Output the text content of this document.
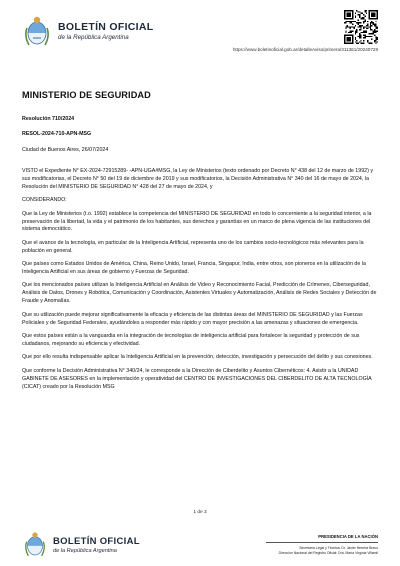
BOLETÍN OFICIAL
de la República Argentina
https://www.boletinoficial.gob.ar/detalleAviso/primera/311361/20240729
MINISTERIO DE SEGURIDAD
Resolución 710/2024
RESOL-2024-710-APN-MSG
Ciudad de Buenos Aires, 26/07/2024

VISTO el Expediente N° EX-2024-72915289- -APN-UGA#MSG, la Ley de Ministerios (texto ordenado por Decreto N° 438 del 12 de marzo de 1992) y sus modificatorias, el Decreto N° 50 del 19 de diciembre de 2019 y sus modificatorios, la Decisión Administrativa N° 340 del 16 de mayo de 2024, la Resolución del MINISTERIO DE SEGURIDAD N° 428 del 27 de mayo de 2024, y

CONSIDERANDO:

Que la Ley de Ministerios (t.o. 1992) establece la competencia del MINISTERIO DE SEGURIDAD en todo lo concerniente a la seguridad interior, a la preservación de la libertad, la vida y el patrimonio de los habitantes, sus derechos y garantías en un marco de plena vigencia de las instituciones del sistema democrático.

Que el avance de la tecnología, en particular de la Inteligencia Artificial, representa uno de los cambios socio-tecnológicos más relevantes para la población en general.

Que países como Estados Unidos de América, China, Reino Unido, Israel, Francia, Singapur, India, entre otros, son pioneros en la utilización de la Inteligencia Artificial en sus áreas de gobierno y Fuerzas de Seguridad.

Que los mencionados países utilizan la Inteligencia Artificial en Análisis de Video y Reconocimiento Facial, Predicción de Crímenes, Ciberseguridad, Análisis de Datos, Drones y Robótica, Comunicación y Coordinación, Asistentes Virtuales y Automatización, Análisis de Redes Sociales y Detección de Fraude y Anomalías.

Que su utilización puede mejorar significativamente la eficacia y eficiencia de las distintas áreas del MINISTERIO DE SEGURIDAD y las Fuerzas Policiales y de Seguridad Federales, ayudándoles a responder más rápido y con mayor precisión a las amenazas y situaciones de emergencia.

Que estos países están a la vanguardia en la integración de tecnologías de inteligencia artificial para fortalecer la seguridad y protección de sus ciudadanos, mejorando su eficiencia y efectividad.

Que por ello resulta indispensable aplicar la Inteligencia Artificial en la prevención, detección, investigación y persecución del delito y sus conexiones.

Que conforme la Decisión Administrativa N° 340/24, le corresponde a la Dirección de Ciberdelito y Asuntos Cibernéticos: 4. Asistir a la UNIDAD GABINETE DE ASESORES en la implementación y operatividad del CENTRO DE INVESTIGACIONES DEL CIBERDELITO DE ALTA TECNOLOGÍA (CICAT) creado por la Resolución MSG

1 de 3
BOLETÍN OFICIAL
de la República Argentina
PRESIDENCIA DE LA NACIÓN
Secretaría Legal y Técnica: Dr. Javier Herrera Bravo
Dirección Nacional del Registro Oficial: Dra. María Virginia Villamil
